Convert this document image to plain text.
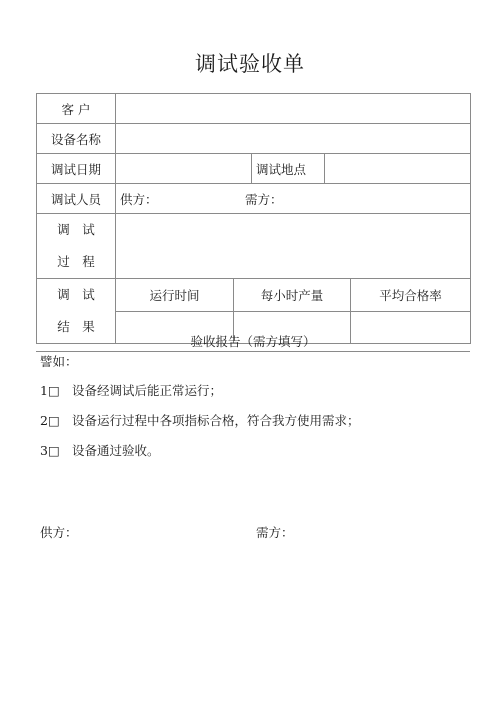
调试验收单
客 户					
设备名称					
调试日期			调试地点		
调试人员	供方： 需方：				

调　试
过　程					

调　试
结　果	运行时间	每小时产量			平均合格率

验收报告（需方填写）
譬如：
1□ 设备经调试后能正常运行；
2□ 设备运行过程中各项指标合格，符合我方使用需求；
3□ 设备通过验收。
供方：	需方：
